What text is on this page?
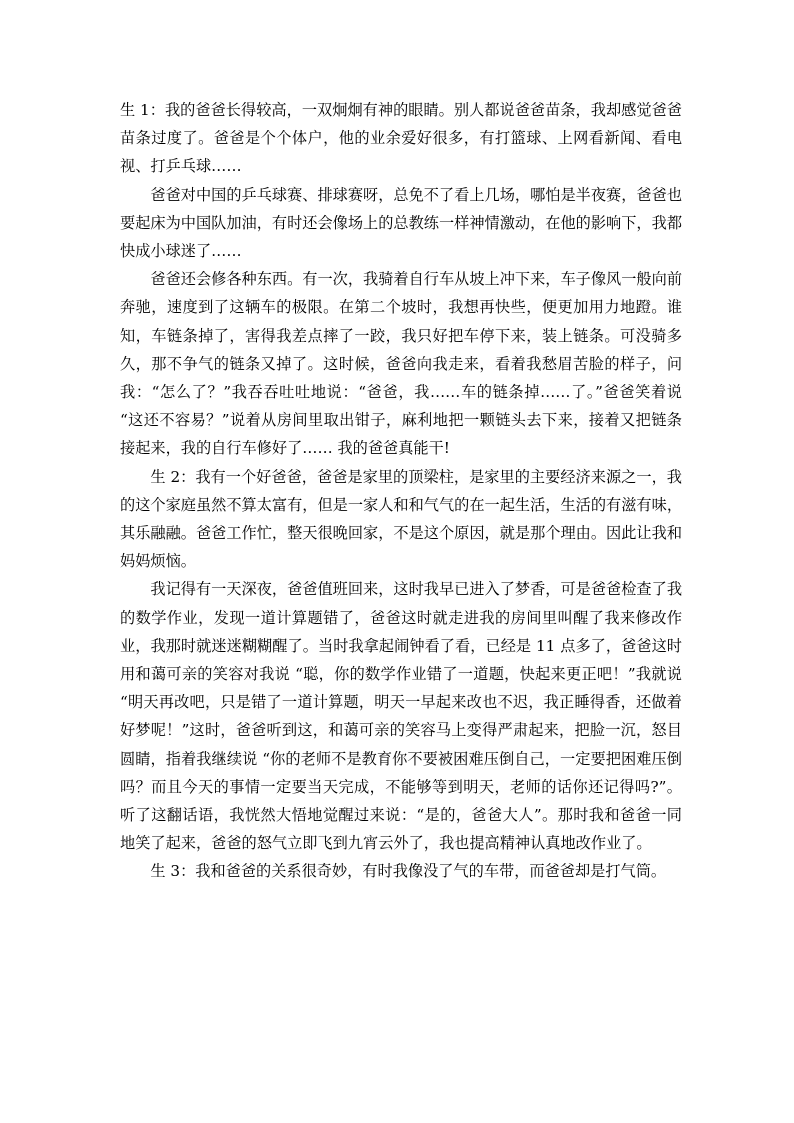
生 1：我的爸爸长得较高，一双炯炯有神的眼睛。别人都说爸爸苗条，我却感觉爸爸苗条过度了。爸爸是个个体户，他的业余爱好很多，有打篮球、上网看新闻、看电视、打乒乓球……

爸爸对中国的乒乓球赛、排球赛呀，总免不了看上几场，哪怕是半夜赛，爸爸也要起床为中国队加油，有时还会像场上的总教练一样神情激动，在他的影响下，我都快成小球迷了……

爸爸还会修各种东西。有一次，我骑着自行车从坡上冲下来，车子像风一般向前奔驰，速度到了这辆车的极限。在第二个坡时，我想再快些，便更加用力地蹬。谁知，车链条掉了，害得我差点摔了一跤，我只好把车停下来，装上链条。可没骑多久，那不争气的链条又掉了。这时候，爸爸向我走来，看着我愁眉苦脸的样子，问我：“怎么了？”我吞吞吐吐地说：“爸爸，我……车的链条掉……了。”爸爸笑着说 “这还不容易？”说着从房间里取出钳子，麻利地把一颗链头去下来，接着又把链条接起来，我的自行车修好了…… 我的爸爸真能干!

生 2：我有一个好爸爸，爸爸是家里的顶梁柱，是家里的主要经济来源之一，我的这个家庭虽然不算太富有，但是一家人和和气气的在一起生活，生活的有滋有味，其乐融融。爸爸工作忙，整天很晚回家，不是这个原因，就是那个理由。因此让我和妈妈烦恼。

我记得有一天深夜，爸爸值班回来，这时我早已进入了梦香，可是爸爸检查了我的数学作业，发现一道计算题错了，爸爸这时就走进我的房间里叫醒了我来修改作业，我那时就迷迷糊糊醒了。当时我拿起闹钟看了看，已经是 11 点多了，爸爸这时用和蔼可亲的笑容对我说 “聪，你的数学作业错了一道题，快起来更正吧！”我就说 “明天再改吧，只是错了一道计算题，明天一早起来改也不迟，我正睡得香，还做着好梦呢！”这时，爸爸听到这，和蔼可亲的笑容马上变得严肃起来，把脸一沉，怒目圆睛，指着我继续说 “你的老师不是教育你不要被困难压倒自己，一定要把困难压倒吗？而且今天的事情一定要当天完成，不能够等到明天，老师的话你还记得吗?”。听了这翻话语，我恍然大悟地觉醒过来说：“是的，爸爸大人”。那时我和爸爸一同地笑了起来，爸爸的怒气立即飞到九宵云外了，我也提高精神认真地改作业了。

生 3：我和爸爸的关系很奇妙，有时我像没了气的车带，而爸爸却是打气筒。
